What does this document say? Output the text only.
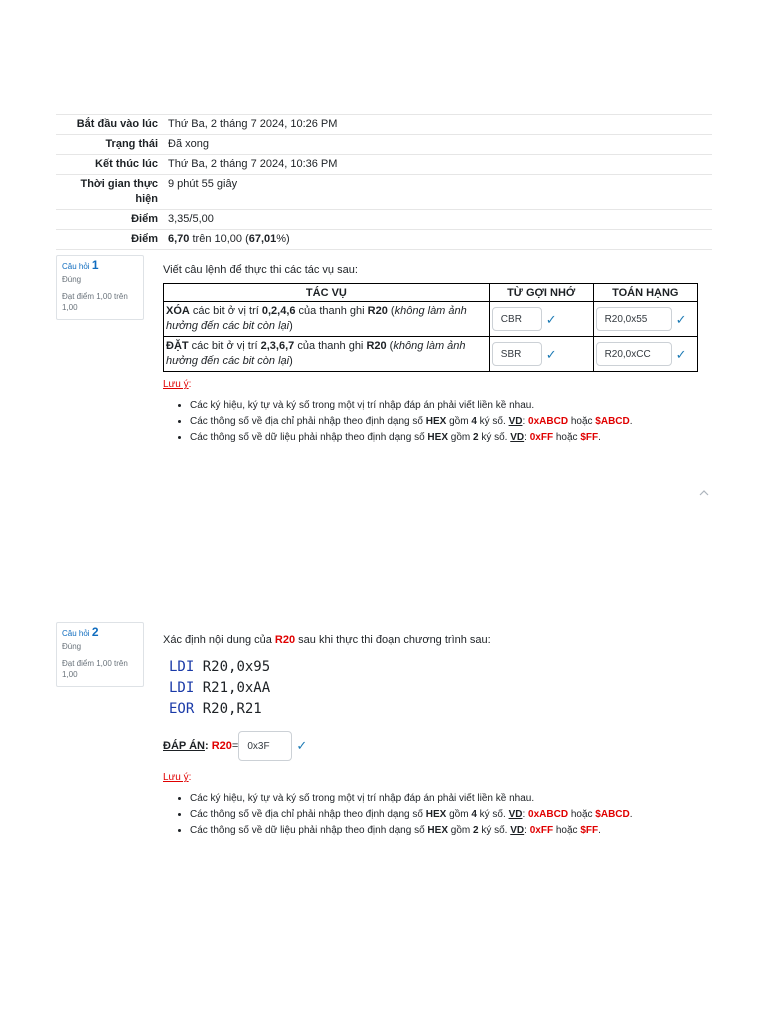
Bắt đầu vào lúc	Thứ Ba, 2 tháng 7 2024, 10:26 PM
Trạng thái	Đã xong
Kết thúc lúc	Thứ Ba, 2 tháng 7 2024, 10:36 PM
Thời gian thực hiện	9 phút 55 giây
Điểm	3,35/5,00
Điểm	6,70 trên 10,00 (67,01%)
Câu hỏi 1
Đúng
Đạt điểm 1,00 trên 1,00
Viết câu lệnh để thực thi các tác vụ sau:
TÁC VỤ	TỪ GỢI NHỚ	TOÁN HẠNG
XÓA các bit ở vị trí 0,2,4,6 của thanh ghi R20 (không làm ảnh hưởng đến các bit còn lại)	CBR ✓	R20,0x55 ✓
ĐẶT các bit ở vị trí 2,3,6,7 của thanh ghi R20 (không làm ảnh hưởng đến các bit còn lại)	SBR ✓	R20,0xCC ✓
Lưu ý:
• Các ký hiệu, ký tự và ký số trong một vị trí nhập đáp án phải viết liền kề nhau.
• Các thông số về địa chỉ phải nhập theo định dạng số HEX gồm 4 ký số. VD: 0xABCD hoặc $ABCD.
• Các thông số về dữ liệu phải nhập theo định dạng số HEX gồm 2 ký số. VD: 0xFF hoặc $FF.
Câu hỏi 2
Đúng
Đạt điểm 1,00 trên 1,00
Xác định nội dung của R20 sau khi thực thi đoạn chương trình sau:
LDI R20,0x95
LDI R21,0xAA
EOR R20,R21
ĐÁP ÁN: R20= 0x3F ✓
Lưu ý:
• Các ký hiệu, ký tự và ký số trong một vị trí nhập đáp án phải viết liền kề nhau.
• Các thông số về địa chỉ phải nhập theo định dạng số HEX gồm 4 ký số. VD: 0xABCD hoặc $ABCD.
• Các thông số về dữ liệu phải nhập theo định dạng số HEX gồm 2 ký số. VD: 0xFF hoặc $FF.
